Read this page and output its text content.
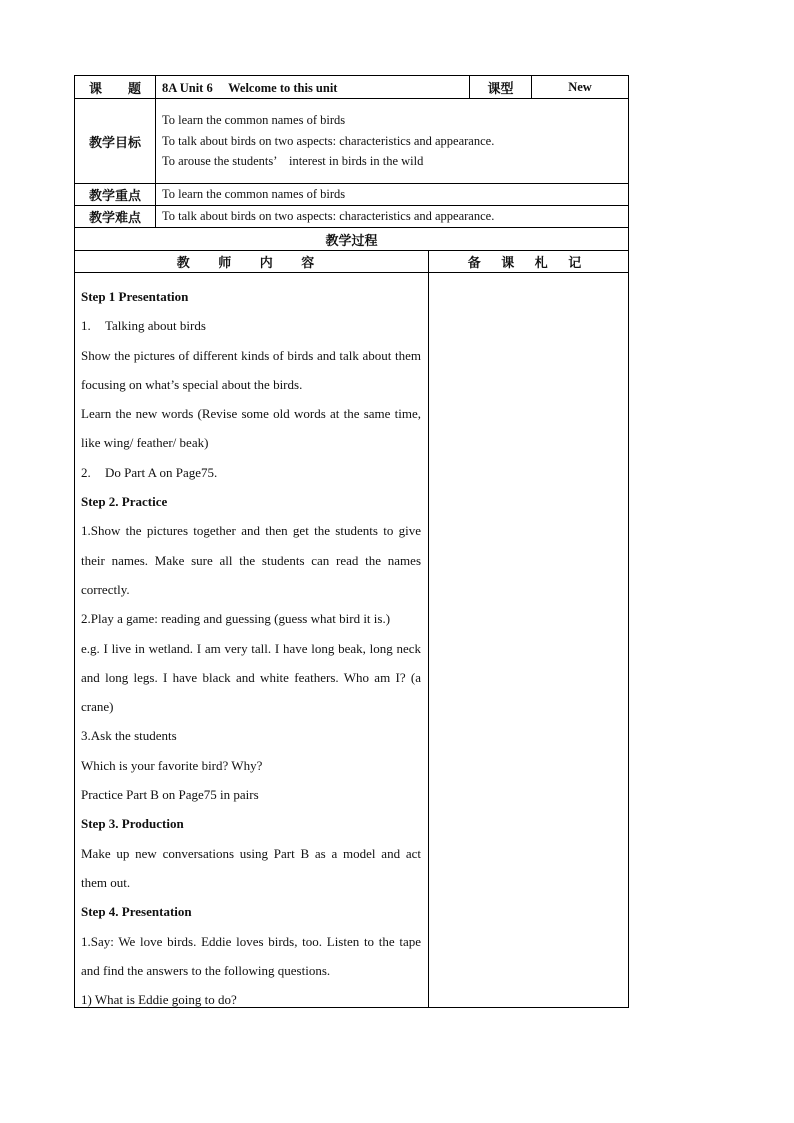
课　　题	8A Unit 6　 Welcome to this unit	课型	New
教学目标
To learn the common names of birds
To talk about birds on two aspects: characteristics and appearance.
To arouse the students’　interest in birds in the wild
教学重点	To learn the common names of birds
教学难点	To talk about birds on two aspects: characteristics and appearance.
教学过程
教 师 内 容	备 课 札 记

Step 1 Presentation

1. Talking about birds

Show the pictures of different kinds of birds and talk about them focusing on what’s special about the birds.

Learn the new words (Revise some old words at the same time, like wing/ feather/ beak)

2. Do Part A on Page75.

Step 2. Practice

1.Show the pictures together and then get the students to give their names. Make sure all the students can read the names correctly.

2.Play a game: reading and guessing (guess what bird it is.)

e.g. I live in wetland. I am very tall. I have long beak, long neck and long legs. I have black and white feathers. Who am I? (a crane)

3.Ask the students

Which is your favorite bird? Why?

Practice Part B on Page75 in pairs

Step 3. Production

Make up new conversations using Part B as a model and act them out.

Step 4. Presentation

1.Say: We love birds. Eddie loves birds, too. Listen to the tape and find the answers to the following questions.

1) What is Eddie going to do?
